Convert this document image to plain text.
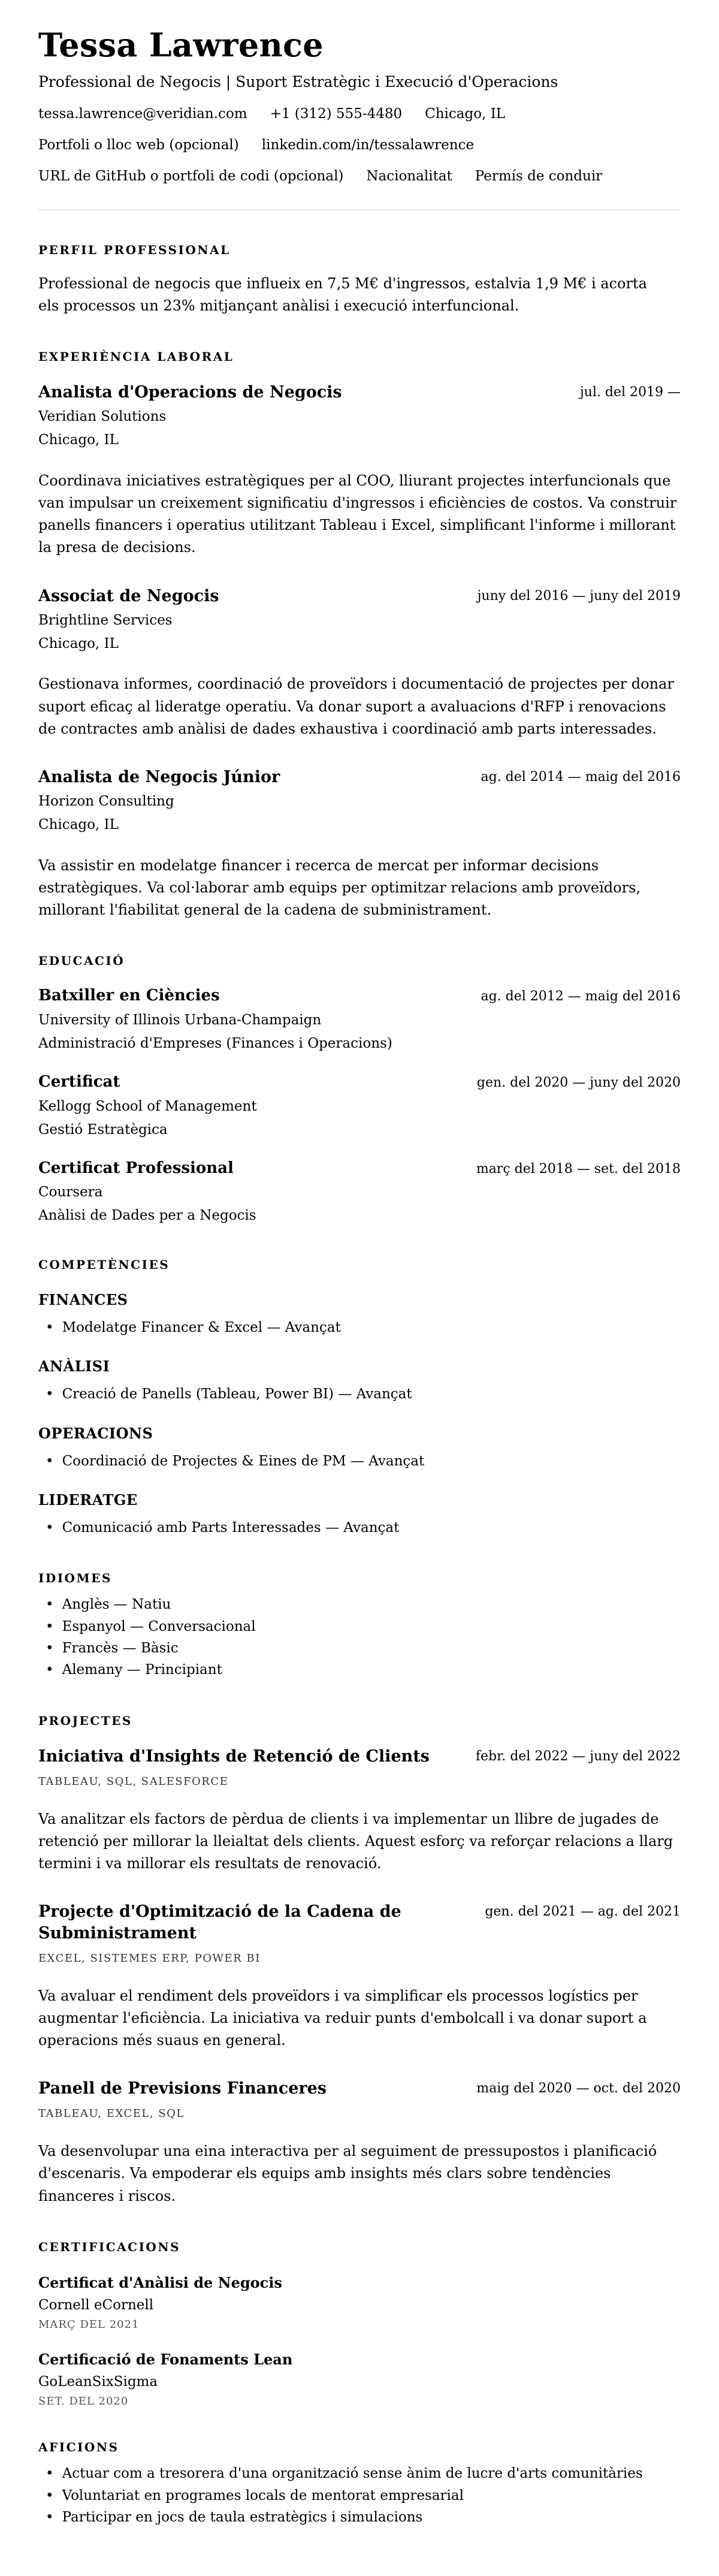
Tessa Lawrence
Professional de Negocis | Suport Estratègic i Execució d'Operacions
tessa.lawrence@veridian.com +1 (312) 555-4480 Chicago, IL
Portfoli o lloc web (opcional) linkedin.com/in/tessalawrence
URL de GitHub o portfoli de codi (opcional) Nacionalitat Permís de conduir
PERFIL PROFESSIONAL

Professional de negocis que influeix en 7,5 M€ d'ingressos, estalvia 1,9 M€ i acorta els processos un 23% mitjançant anàlisi i execució interfuncional.

EXPERIÈNCIA LABORAL
Analista d'Operacions de Negocis	jul. del 2019 —
Veridian Solutions
Chicago, IL

Coordinava iniciatives estratègiques per al COO, lliurant projectes interfuncionals que van impulsar un creixement significatiu d'ingressos i eficiències de costos. Va construir panells financers i operatius utilitzant Tableau i Excel, simplificant l'informe i millorant la presa de decisions.

Associat de Negocis	juny del 2016 — juny del 2019
Brightline Services
Chicago, IL

Gestionava informes, coordinació de proveïdors i documentació de projectes per donar suport eficaç al lideratge operatiu. Va donar suport a avaluacions d'RFP i renovacions de contractes amb anàlisi de dades exhaustiva i coordinació amb parts interessades.

Analista de Negocis Júnior	ag. del 2014 — maig del 2016
Horizon Consulting
Chicago, IL

Va assistir en modelatge financer i recerca de mercat per informar decisions estratègiques. Va col·laborar amb equips per optimitzar relacions amb proveïdors, millorant l'fiabilitat general de la cadena de subministrament.

EDUCACIÓ
Batxiller en Ciències	ag. del 2012 — maig del 2016
University of Illinois Urbana-Champaign
Administració d'Empreses (Finances i Operacions)
Certificat	gen. del 2020 — juny del 2020
Kellogg School of Management
Gestió Estratègica
Certificat Professional	març del 2018 — set. del 2018
Coursera
Anàlisi de Dades per a Negocis
COMPETÈNCIES
FINANCES
• Modelatge Financer & Excel — Avançat
ANÀLISI
• Creació de Panells (Tableau, Power BI) — Avançat
OPERACIONS
• Coordinació de Projectes & Eines de PM — Avançat
LIDERATGE
• Comunicació amb Parts Interessades — Avançat
IDIOMES
• Anglès — Natiu
• Espanyol — Conversacional
• Francès — Bàsic
• Alemany — Principiant
PROJECTES
Iniciativa d'Insights de Retenció de Clients	febr. del 2022 — juny del 2022
TABLEAU, SQL, SALESFORCE

Va analitzar els factors de pèrdua de clients i va implementar un llibre de jugades de retenció per millorar la lleialtat dels clients. Aquest esforç va reforçar relacions a llarg termini i va millorar els resultats de renovació.

Projecte d'Optimització de la Cadena de Subministrament
gen. del 2021 — ag. del 2021
EXCEL, SISTEMES ERP, POWER BI

Va avaluar el rendiment dels proveïdors i va simplificar els processos logístics per augmentar l'eficiència. La iniciativa va reduir punts d'embolcall i va donar suport a operacions més suaus en general.

Panell de Previsions Financeres	maig del 2020 — oct. del 2020
TABLEAU, EXCEL, SQL

Va desenvolupar una eina interactiva per al seguiment de pressupostos i planificació d'escenaris. Va empoderar els equips amb insights més clars sobre tendències financeres i riscos.

CERTIFICACIONS
Certificat d'Anàlisi de Negocis
Cornell eCornell
MARÇ DEL 2021
Certificació de Fonaments Lean
GoLeanSixSigma
SET. DEL 2020
AFICIONS
• Actuar com a tresorera d'una organització sense ànim de lucre d'arts comunitàries
• Voluntariat en programes locals de mentorat empresarial
• Participar en jocs de taula estratègics i simulacions
